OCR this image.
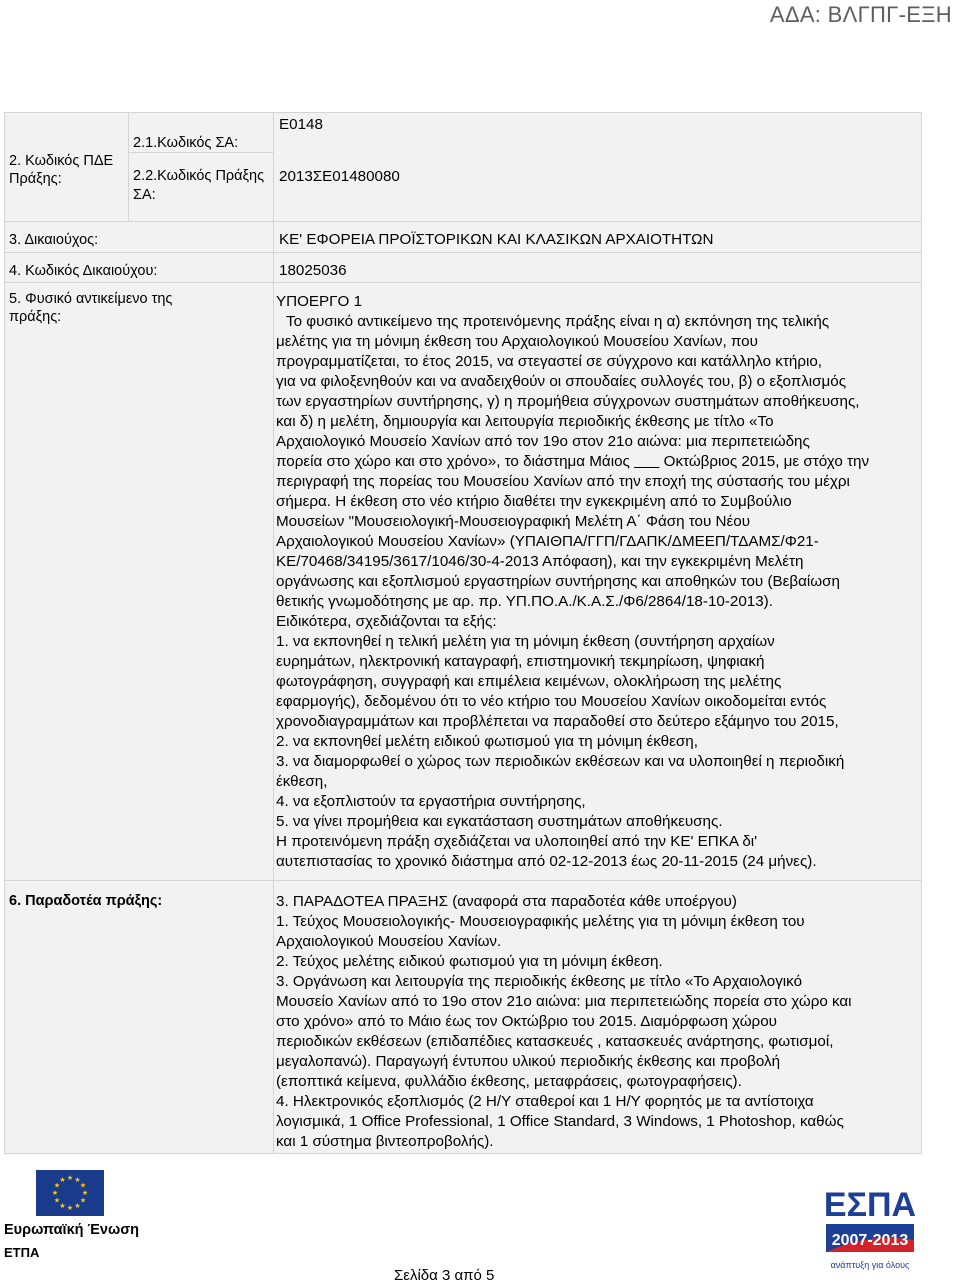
ΑΔΑ: ΒΛΓΠΓ-ΕΞΗ
2. Κωδικός ΠΔΕ
Πράξης:
2.1.Κωδικός ΣΑ:
Ε0148
2.2.Κωδικός Πράξης
ΣΑ:
2013ΣΕ01480080
3. Δικαιούχος:	ΚΕ' ΕΦΟΡΕΙΑ ΠΡΟΪΣΤΟΡΙΚΩΝ ΚΑΙ ΚΛΑΣΙΚΩΝ ΑΡΧΑΙΟΤΗΤΩΝ
4. Κωδικός Δικαιούχου:	18025036
5. Φυσικό αντικείμενο της
πράξης:
6. Παραδοτέα πράξης:
ΥΠΟΕΡΓΟ 1
Το φυσικό αντικείμενο της προτεινόμενης πράξης είναι η α) εκπόνηση της τελικής
μελέτης για τη μόνιμη έκθεση του Αρχαιολογικού Μουσείου Χανίων, που
προγραμματίζεται, το έτος 2015, να στεγαστεί σε σύγχρονο και κατάλληλο κτήριο,
για να φιλοξενηθούν και να αναδειχθούν οι σπουδαίες συλλογές του, β) ο εξοπλισμός
των εργαστηρίων συντήρησης, γ) η προμήθεια σύγχρονων συστημάτων αποθήκευσης,
και δ) η μελέτη, δημιουργία και λειτουργία περιοδικής έκθεσης με τίτλο «Το
Αρχαιολογικό Μουσείο Χανίων από τον 19ο στον 21ο αιώνα: μια περιπετειώδης
πορεία στο χώρο και στο χρόνο», το διάστημα Μάιος        Οκτώβριος 2015, με στόχο την
περιγραφή της πορείας του Μουσείου Χανίων από την εποχή της σύστασής του μέχρι
σήμερα. Η έκθεση στο νέο κτήριο διαθέτει την εγκεκριμένη από το Συμβούλιο
Μουσείων "Μουσειολογική-Μουσειογραφική Μελέτη Α΄ Φάση του Νέου
Αρχαιολογικού Μουσείου Χανίων» (ΥΠΑΙΘΠΑ/ΓΓΠ/ΓΔΑΠΚ/ΔΜΕΕΠ/ΤΔΑΜΣ/Φ21-
ΚΕ/70468/34195/3617/1046/30-4-2013 Απόφαση), και την εγκεκριμένη Μελέτη
οργάνωσης και εξοπλισμού εργαστηρίων συντήρησης και αποθηκών του (Βεβαίωση
θετικής γνωμοδότησης με αρ. πρ. ΥΠ.ΠΟ.Α./Κ.Α.Σ./Φ6/2864/18-10-2013).
Ειδικότερα, σχεδιάζονται τα εξής:
1. να εκπονηθεί η τελική μελέτη για τη μόνιμη έκθεση (συντήρηση αρχαίων
ευρημάτων, ηλεκτρονική καταγραφή, επιστημονική τεκμηρίωση, ψηφιακή
φωτογράφηση, συγγραφή και επιμέλεια κειμένων, ολοκλήρωση της μελέτης
εφαρμογής), δεδομένου ότι το νέο κτήριο του Μουσείου Χανίων οικοδομείται εντός
χρονοδιαγραμμάτων και προβλέπεται να παραδοθεί στο δεύτερο εξάμηνο του 2015,
2. να εκπονηθεί μελέτη ειδικού φωτισμού για τη μόνιμη έκθεση,
3. να διαμορφωθεί ο χώρος των περιοδικών εκθέσεων και να υλοποιηθεί η περιοδική
έκθεση,
4. να εξοπλιστούν τα εργαστήρια συντήρησης,
5. να γίνει προμήθεια και εγκατάσταση συστημάτων αποθήκευσης.
Η προτεινόμενη πράξη σχεδιάζεται να υλοποιηθεί από την ΚΕ' ΕΠΚΑ δι'
αυτεπιστασίας το χρονικό διάστημα από 02-12-2013 έως 20-11-2015 (24 μήνες).
3. ΠΑΡΑΔΟΤΕΑ ΠΡΑΞΗΣ (αναφορά στα παραδοτέα κάθε υποέργου)
1. Τεύχος Μουσειολογικής- Μουσειογραφικής μελέτης για τη μόνιμη έκθεση του
Αρχαιολογικού Μουσείου Χανίων.
2. Τεύχος μελέτης ειδικού φωτισμού για τη μόνιμη έκθεση.
3. Οργάνωση και λειτουργία της περιοδικής έκθεσης με τίτλο «Το Αρχαιολογικό
Μουσείο Χανίων από το 19ο στον 21ο αιώνα: μια περιπετειώδης πορεία στο χώρο και
στο χρόνο» από το Μάιο έως τον Οκτώβριο του 2015. Διαμόρφωση χώρου
περιοδικών εκθέσεων (επιδαπέδιες κατασκευές , κατασκευές ανάρτησης, φωτισμοί,
μεγαλοπανώ). Παραγωγή έντυπου υλικού περιοδικής έκθεσης και προβολή
(εποπτικά κείμενα, φυλλάδιο έκθεσης, μεταφράσεις, φωτογραφήσεις).
4. Ηλεκτρονικός εξοπλισμός (2 Η/Υ σταθεροί και 1 Η/Υ φορητός με τα αντίστοιχα
λογισμικά, 1 Office Professional, 1 Office Standard, 3 Windows, 1 Photoshop, καθώς
και 1 σύστημα βιντεοπροβολής).
★ ★
★
★
★
★
★
★
★
★
★
★
Ευρωπαϊκή Ένωση
ΕΤΠΑ
Σελίδα 3 από 5
ΕΣΠΑ
2007-2013
ανάπτυξη για όλους
